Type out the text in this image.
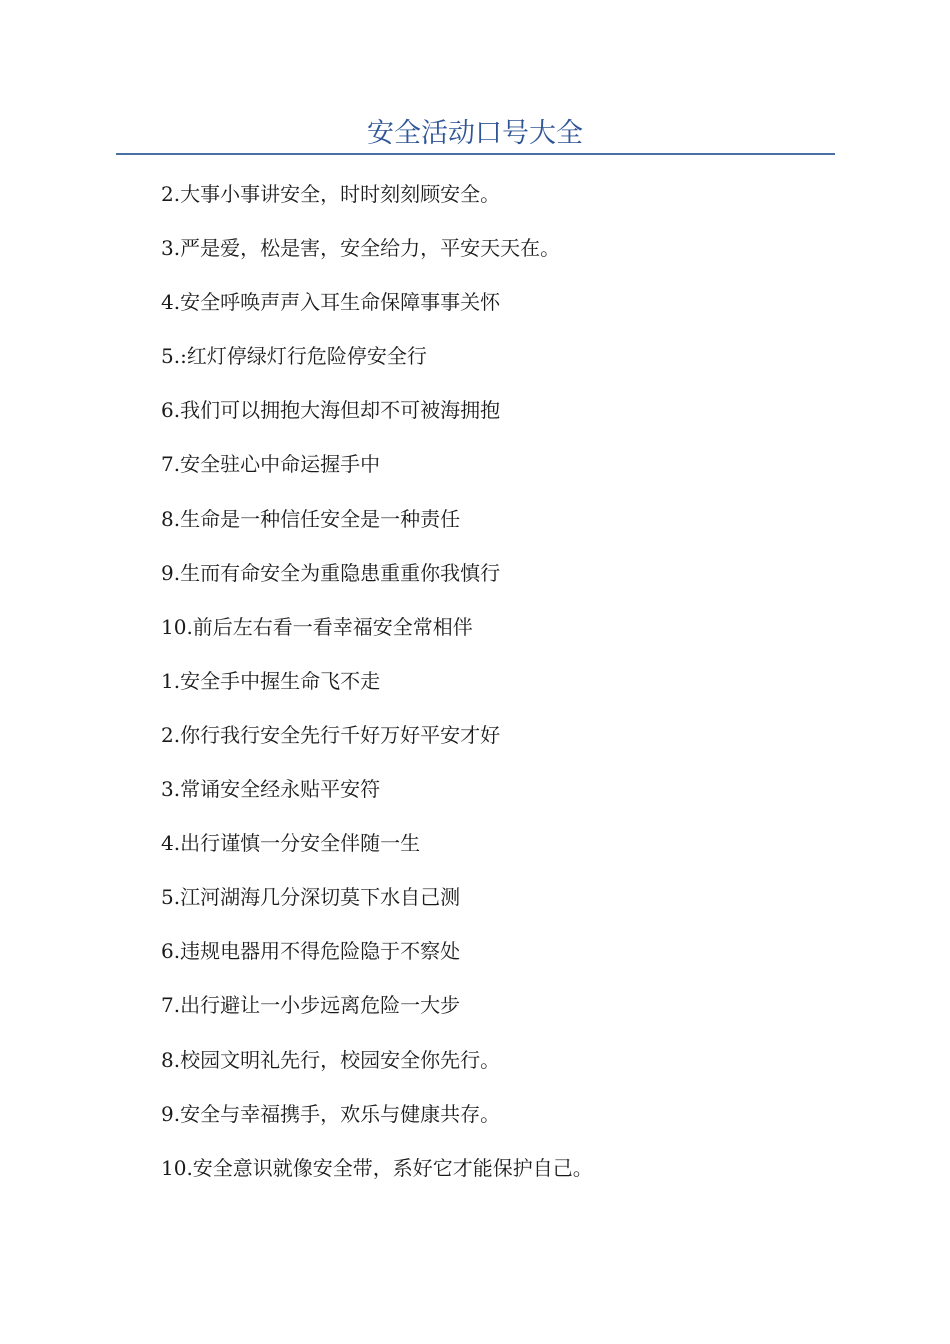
安全活动口号大全
2.大事小事讲安全，时时刻刻顾安全。
3.严是爱，松是害，安全给力，平安天天在。
4.安全呼唤声声入耳生命保障事事关怀
5.:红灯停绿灯行危险停安全行
6.我们可以拥抱大海但却不可被海拥抱
7.安全驻心中命运握手中
8.生命是一种信任安全是一种责任
9.生而有命安全为重隐患重重你我慎行
10.前后左右看一看幸福安全常相伴
1.安全手中握生命飞不走
2.你行我行安全先行千好万好平安才好
3.常诵安全经永贴平安符
4.出行谨慎一分安全伴随一生
5.江河湖海几分深切莫下水自己测
6.违规电器用不得危险隐于不察处
7.出行避让一小步远离危险一大步
8.校园文明礼先行，校园安全你先行。
9.安全与幸福携手，欢乐与健康共存。
10.安全意识就像安全带，系好它才能保护自己。
